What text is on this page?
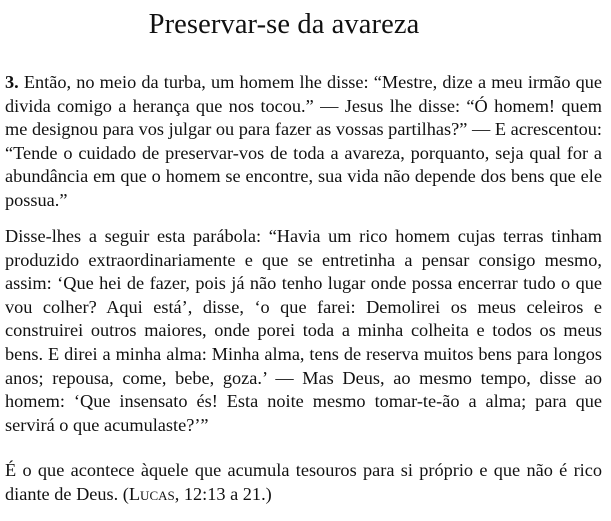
Preservar-se da avareza

3. Então, no meio da turba, um homem lhe disse: “Mestre, dize a meu irmão que divida comigo a herança que nos tocou.” — Jesus lhe disse: “Ó homem! quem me designou para vos julgar ou para fazer as vossas partilhas?” — E acrescentou: “Tende o cuidado de preservar-vos de toda a avareza, porquanto, seja qual for a abundância em que o homem se encontre, sua vida não depende dos bens que ele possua.”

Disse-lhes a seguir esta parábola: “Havia um rico homem cujas terras tinham produzido extraordinariamente e que se entretinha a pensar consigo mesmo, assim: ‘Que hei de fazer, pois já não tenho lugar onde possa encerrar tudo o que vou colher? Aqui está’, disse, ‘o que farei: Demolirei os meus celeiros e construirei outros maiores, onde porei toda a minha colheita e todos os meus bens. E direi a minha alma: Minha alma, tens de reserva muitos bens para longos anos; repousa, come, bebe, goza.’ — Mas Deus, ao mesmo tempo, disse ao homem: ‘Que insensato és! Esta noite mesmo tomar-te-ão a alma; para que servirá o que acumulaste?’”

É o que acontece àquele que acumula tesouros para si próprio e que não é rico diante de Deus. (Lucas, 12:13 a 21.)
